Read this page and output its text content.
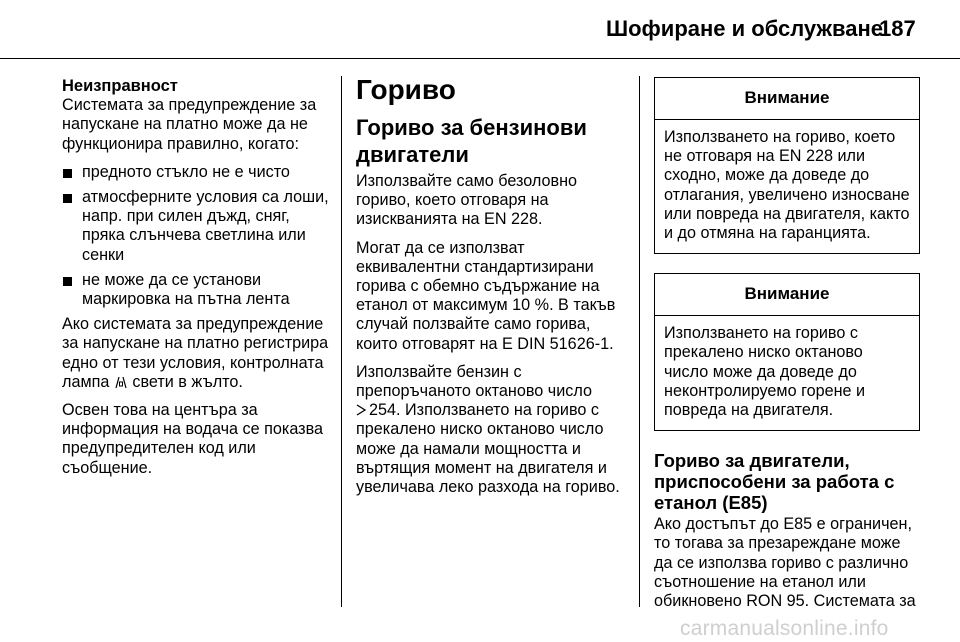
Шофиране и обслужване
187
Неизправност

Системата за предупреждение за напускане на платно може да не функционира правилно, когато:

предното стъкло не е чисто
атмосферните условия са лоши, напр. при силен дъжд, сняг, пряка слънчева светлина или сенки
не може да се установи маркировка на пътна лента

Ако системата за предупреждение за напускане на платно регистрира едно от тези условия, контролната лампа свети в жълто.

Освен това на центъра за информация на водача се показва предупредителен код или съобщение.

Гориво
Гориво за бензинови двигатели

Използвайте само безоловно гориво, което отговаря на изискванията на EN 228.

Могат да се използват еквивалентни стандартизирани горива с обемно съдържание на етанол от максимум 10 %. В такъв случай ползвайте само горива, които отговарят на E DIN 51626-1.

Използвайте бензин с препоръчаното октаново число
254. Използването на гориво с прекалено ниско октаново число може да намали мощността и въртящия момент на двигателя и увеличава леко разхода на гориво.

Внимание
Използването на гориво, което не отговаря на EN 228 или сходно, може да доведе до отлагания, увеличено износване или повреда на двигателя, както и до отмяна на гаранцията.
Внимание
Използването на гориво с прекалено ниско октаново число може да доведе до неконтролируемо горене и повреда на двигателя.
Гориво за двигатели, приспособени за работа с етанол (E85)

Ако достъпът до E85 е ограничен, то тогава за презареждане може да се използва гориво с различно съотношение на етанол или обикновено RON 95. Системата за

carmanualsonline.info
